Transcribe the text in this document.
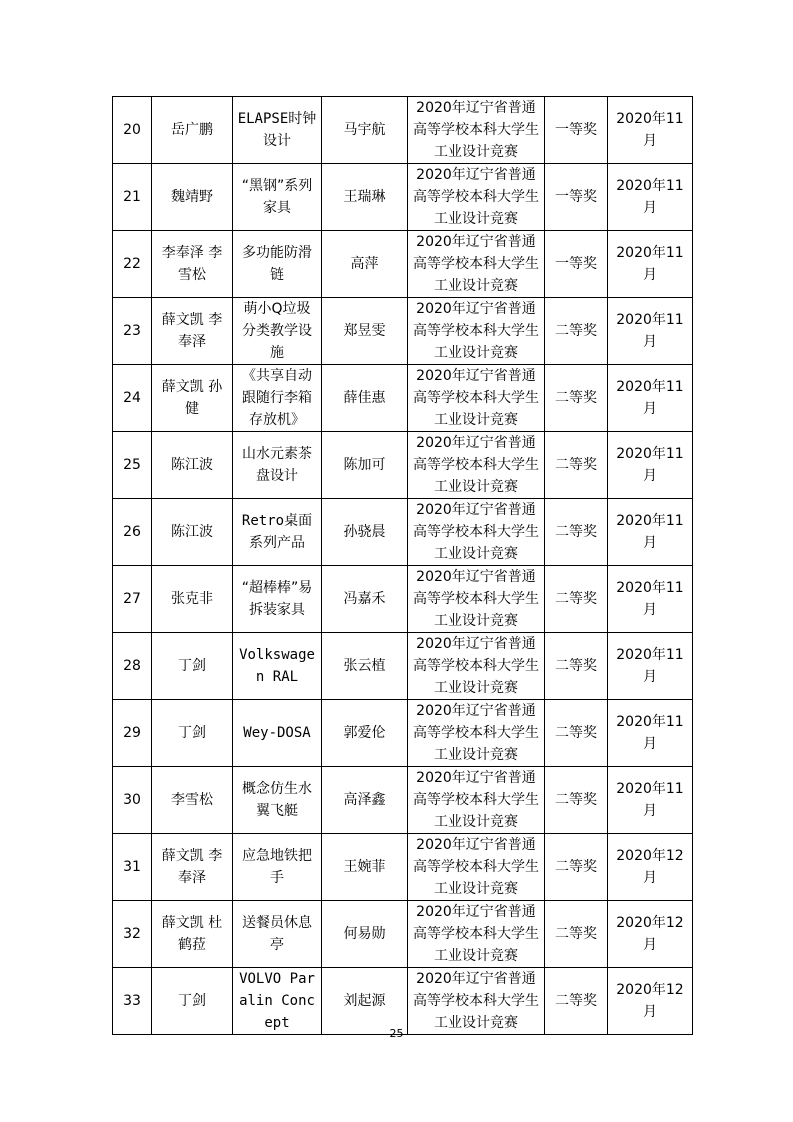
20	岳广鹏	ELAPSE时钟设计	马宇航	2020年辽宁省普通高等学校本科大学生工业设计竞赛	一等奖	2020年11月
21	魏靖野	“黑钢”系列家具	王瑞琳	2020年辽宁省普通高等学校本科大学生工业设计竞赛	一等奖	2020年11月
22	李奉泽 李雪松	多功能防滑链	高萍	2020年辽宁省普通高等学校本科大学生工业设计竞赛	一等奖	2020年11月
23	薛文凯 李奉泽	萌小Q垃圾分类教学设施	郑昱雯	2020年辽宁省普通高等学校本科大学生工业设计竞赛	二等奖	2020年11月
24	薛文凯 孙健	《共享自动跟随行李箱存放机》	薛佳惠	2020年辽宁省普通高等学校本科大学生工业设计竞赛	二等奖	2020年11月
25	陈江波	山水元素茶盘设计	陈加可	2020年辽宁省普通高等学校本科大学生工业设计竞赛	二等奖	2020年11月
26	陈江波	Retro桌面系列产品	孙骁晨	2020年辽宁省普通高等学校本科大学生工业设计竞赛	二等奖	2020年11月
27	张克非	“超棒棒”易拆装家具	冯嘉禾	2020年辽宁省普通高等学校本科大学生工业设计竞赛	二等奖	2020年11月
28	丁剑	Volkswagen RAL	张云植	2020年辽宁省普通高等学校本科大学生工业设计竞赛	二等奖	2020年11月
29	丁剑	Wey-DOSA	郭爱伦	2020年辽宁省普通高等学校本科大学生工业设计竞赛	二等奖	2020年11月
30	李雪松	概念仿生水翼飞艇	高泽鑫	2020年辽宁省普通高等学校本科大学生工业设计竞赛	二等奖	2020年11月
31	薛文凯 李奉泽	应急地铁把手	王婉菲	2020年辽宁省普通高等学校本科大学生工业设计竞赛	二等奖	2020年12月
32	薛文凯 杜鹤菈	送餐员休息亭	何易勋	2020年辽宁省普通高等学校本科大学生工业设计竞赛	二等奖	2020年12月
33	丁剑	VOLVO Paralin Concept	刘起源	2020年辽宁省普通高等学校本科大学生工业设计竞赛	二等奖	2020年12月
25
